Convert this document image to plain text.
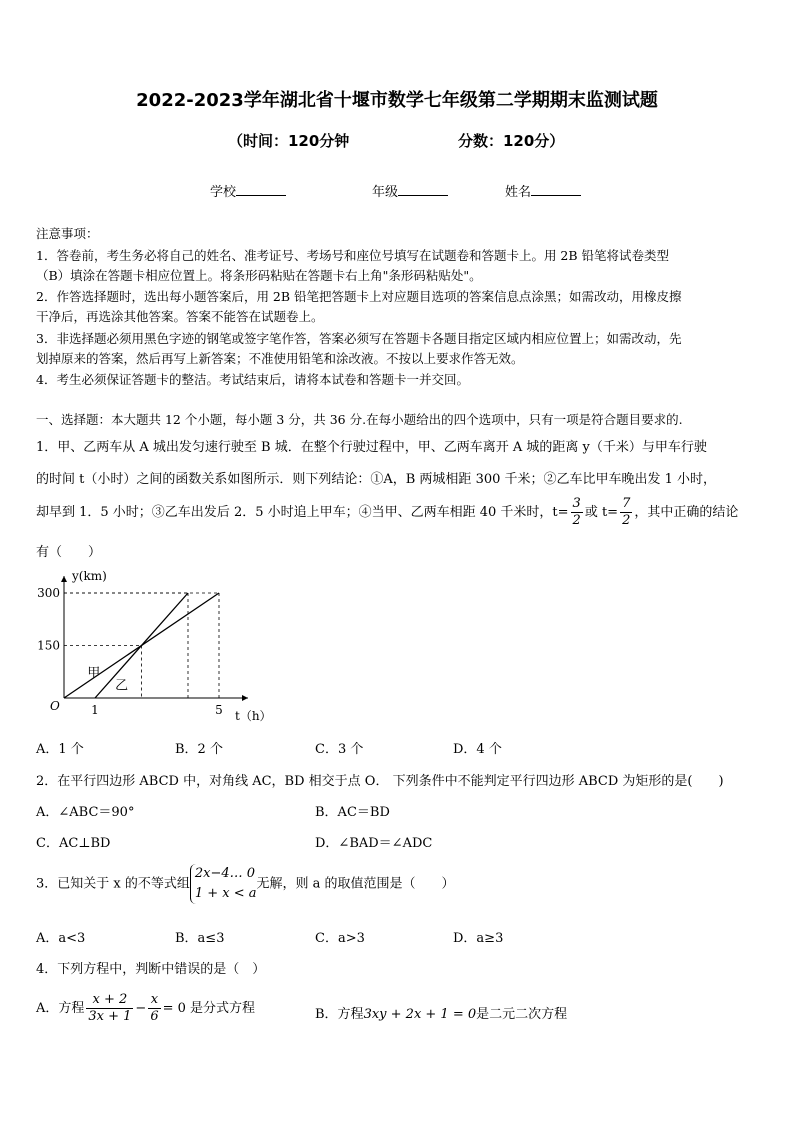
2022-2023学年湖北省十堰市数学七年级第二学期期末监测试题
（时间：120分钟	分数：120分）
学校	年级	姓名
注意事项：
1．答卷前，考生务必将自己的姓名、准考证号、考场号和座位号填写在试题卷和答题卡上。用 2B 铅笔将试卷类型
（B）填涂在答题卡相应位置上。将条形码粘贴在答题卡右上角"条形码粘贴处"。
2．作答选择题时，选出每小题答案后，用 2B 铅笔把答题卡上对应题目选项的答案信息点涂黑；如需改动，用橡皮擦
干净后，再选涂其他答案。答案不能答在试题卷上。
3．非选择题必须用黑色字迹的钢笔或签字笔作答，答案必须写在答题卡各题目指定区域内相应位置上；如需改动，先
划掉原来的答案，然后再写上新答案；不准使用铅笔和涂改液。不按以上要求作答无效。
4．考生必须保证答题卡的整洁。考试结束后，请将本试卷和答题卡一并交回。
一、选择题：本大题共 12 个小题，每小题 3 分，共 36 分.在每小题给出的四个选项中，只有一项是符合题目要求的.
1．甲、乙两车从 A 城出发匀速行驶至 B 城．在整个行驶过程中，甲、乙两车离开 A 城的距离 y（千米）与甲车行驶
的时间 t（小时）之间的函数关系如图所示．则下列结论：①A，B 两城相距 300 千米；②乙车比甲车晚出发 1 小时，
却早到 1．5 小时；③乙车出发后 2．5 小时追上甲车；④当甲、乙两车相距 40 千米时，$t= \frac{3}{2}$ 或 $t= \frac{7}{2}$ ，其中正确的结论
有（　　）
甲
乙
150
300
1	5
O
y(km)
t（h）
A．1 个	B．2 个	C．3 个	D．4 个
2．在平行四边形 ABCD 中，对角线 AC，BD 相交于点 O． 下列条件中不能判定平行四边形 ABCD 为矩形的是(　　)
A．∠ABC＝90°	B．AC＝BD
C．AC⊥BD	D．∠BAD＝∠ADC
3．已知关于 x 的不等式组
2x−4… 0
1 + x < a
无解，则 a 的取值范围是（　　）
A．a<3	B．a≤3	C．a>3	D．a≥3
4．下列方程中，判断中错误的是（　）
A．方程 $\frac{x + 2}{3x + 1} - \frac{x}{6} = 0$ 是分式方程	B．方程3xy + 2x + 1 = 0是二元二次方程
